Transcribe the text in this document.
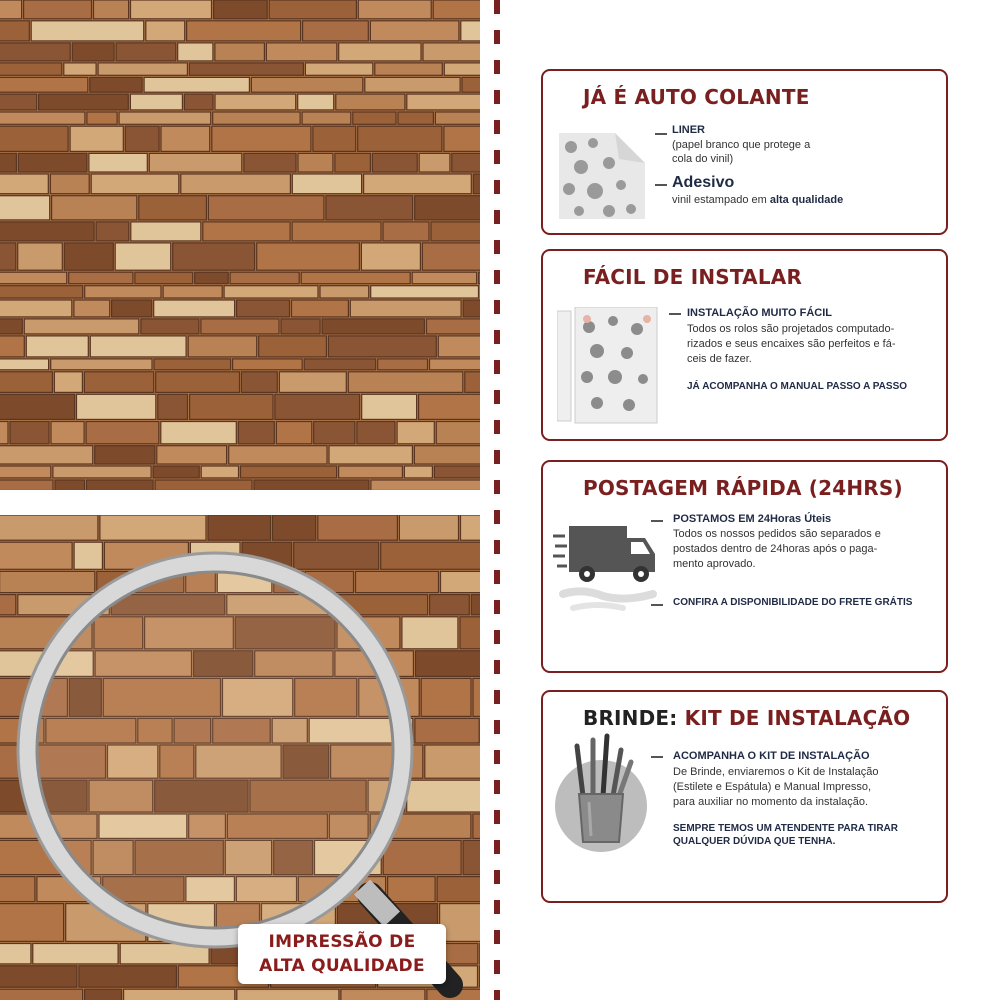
IMPRESSÃO DE
ALTA QUALIDADE
JÁ É AUTO COLANTE
LINER
(papel branco que protege a
cola do vinil)
Adesivo
vinil estampado em alta qualidade
FÁCIL DE INSTALAR
INSTALAÇÃO MUITO FÁCIL
Todos os rolos são projetados computado-
rizados e seus encaixes são perfeitos e fá-
ceis de fazer.
JÁ ACOMPANHA O MANUAL PASSO A PASSO
POSTAGEM RÁPIDA (24HRS)
POSTAMOS EM 24Horas Úteis
Todos os nossos pedidos são separados e
postados dentro de 24horas após o paga-
mento aprovado.
CONFIRA A DISPONIBILIDADE DO FRETE GRÁTIS
BRINDE: KIT DE INSTALAÇÃO
ACOMPANHA O KIT DE INSTALAÇÃO
De Brinde, enviaremos o Kit de Instalação
(Estilete e Espátula) e Manual Impresso,
para auxiliar no momento da instalação.
SEMPRE TEMOS UM ATENDENTE PARA TIRAR
QUALQUER DÚVIDA QUE TENHA.
